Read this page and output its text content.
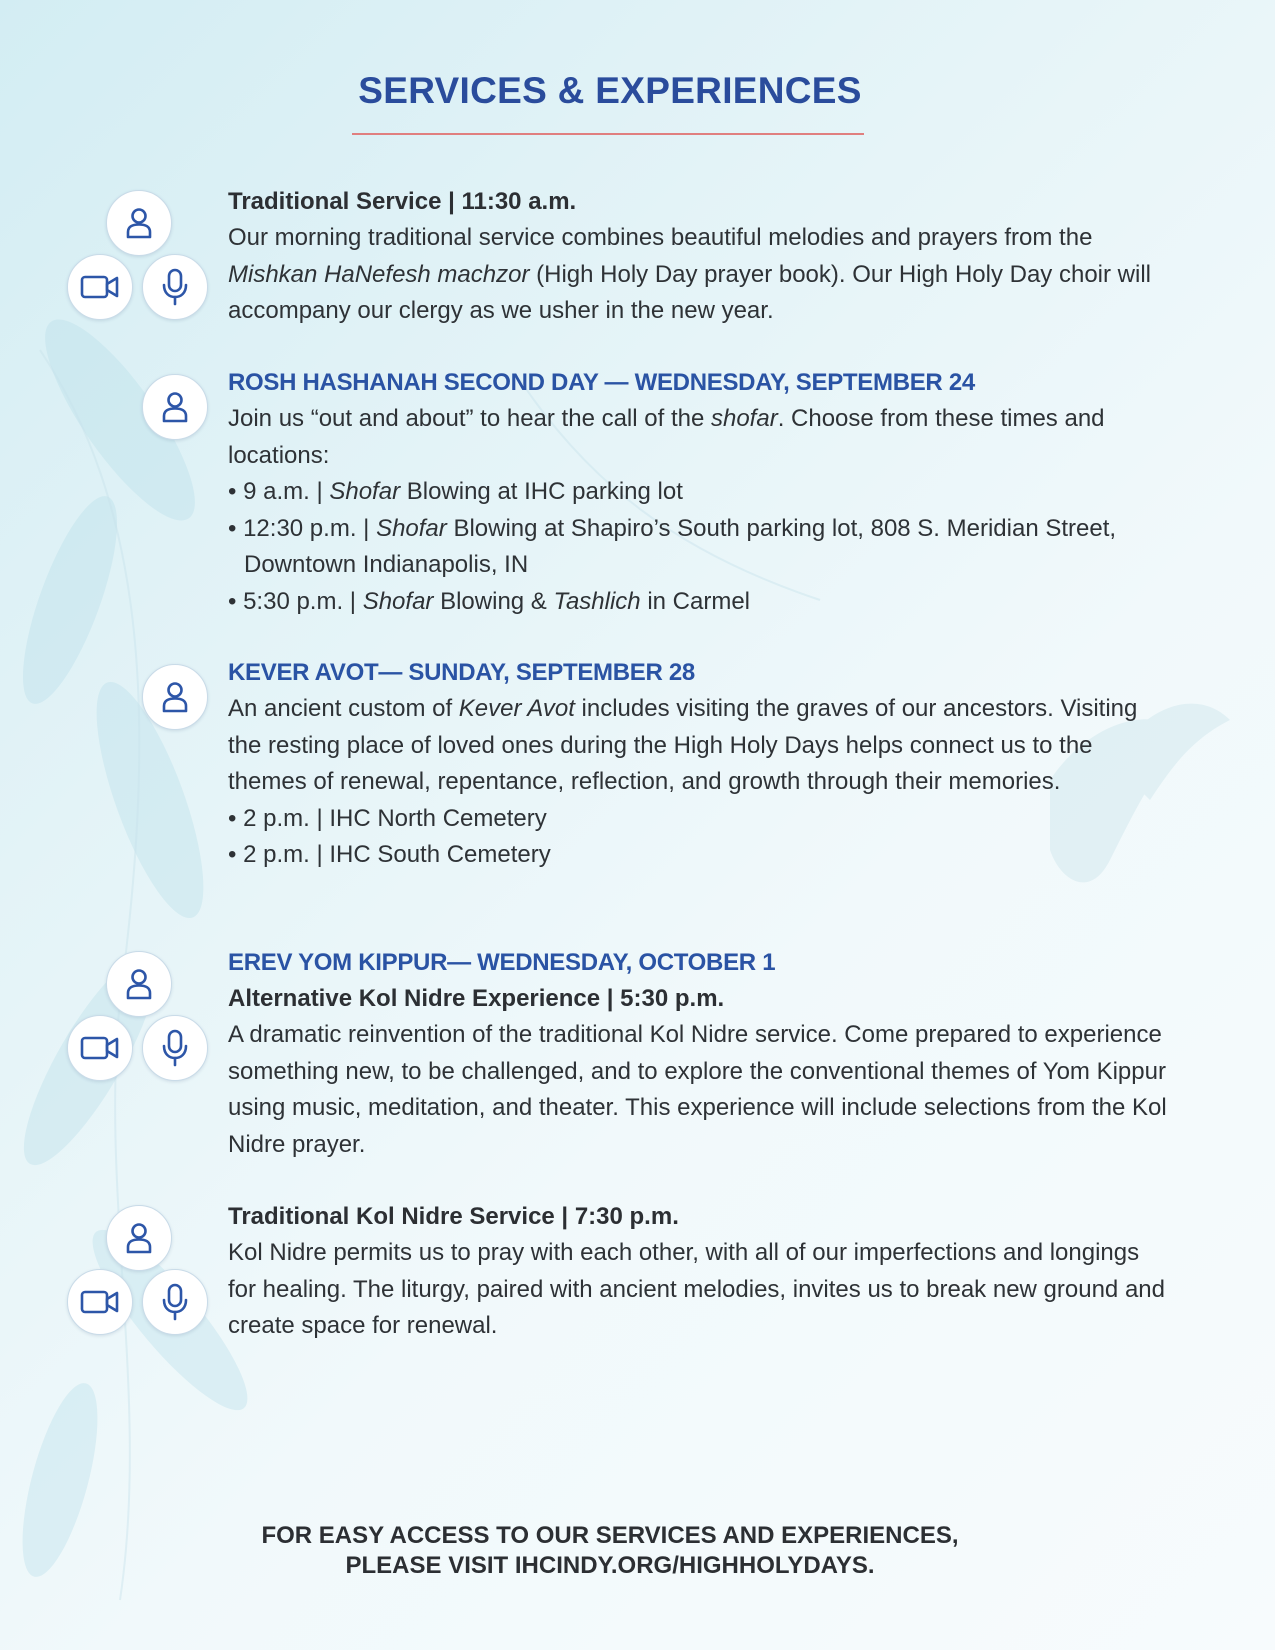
SERVICES & EXPERIENCES

Traditional Service | 11:30 a.m.

Our morning traditional service combines beautiful melodies and prayers from the Mishkan HaNefesh machzor (High Holy Day prayer book). Our High Holy Day choir will accompany our clergy as we usher in the new year.

ROSH HASHANAH SECOND DAY — WEDNESDAY, SEPTEMBER 24

Join us “out and about” to hear the call of the shofar. Choose from these times and locations:

• 9 a.m. | Shofar Blowing at IHC parking lot
• 12:30 p.m. | Shofar Blowing at Shapiro’s South parking lot, 808 S. Meridian Street, Downtown Indianapolis, IN
• 5:30 p.m. | Shofar Blowing & Tashlich in Carmel

KEVER AVOT— SUNDAY, SEPTEMBER 28

An ancient custom of Kever Avot includes visiting the graves of our ancestors. Visiting the resting place of loved ones during the High Holy Days helps connect us to the themes of renewal, repentance, reflection, and growth through their memories.

• 2 p.m. | IHC North Cemetery
• 2 p.m. | IHC South Cemetery

EREV YOM KIPPUR— WEDNESDAY, OCTOBER 1

Alternative Kol Nidre Experience | 5:30 p.m.

A dramatic reinvention of the traditional Kol Nidre service. Come prepared to experience something new, to be challenged, and to explore the conventional themes of Yom Kippur using music, meditation, and theater. This experience will include selections from the Kol Nidre prayer.

Traditional Kol Nidre Service | 7:30 p.m.

Kol Nidre permits us to pray with each other, with all of our imperfections and longings for healing. The liturgy, paired with ancient melodies, invites us to break new ground and create space for renewal.

FOR EASY ACCESS TO OUR SERVICES AND EXPERIENCES,
PLEASE VISIT IHCINDY.ORG/HIGHHOLYDAYS.
